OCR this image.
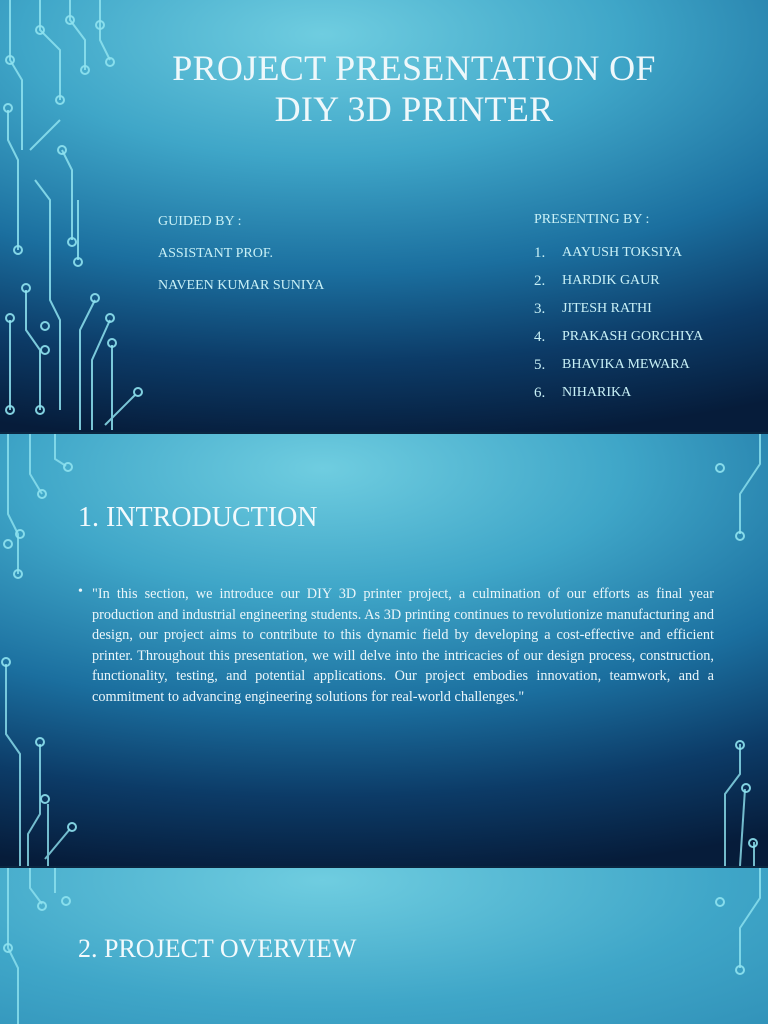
PROJECT PRESENTATION OF
DIY 3D PRINTER
GUIDED BY :
ASSISTANT PROF.
NAVEEN KUMAR SUNIYA
PRESENTING BY :
1.	AAYUSH TOKSIYA
2.	HARDIK GAUR
3.	JITESH RATHI
4.	PRAKASH GORCHIYA
5.	BHAVIKA MEWARA
6.	NIHARIKA
1. INTRODUCTION
• "In this section, we introduce our DIY 3D printer project, a culmination of our efforts as final year production and industrial engineering students. As 3D printing continues to revolutionize manufacturing and design, our project aims to contribute to this dynamic field by developing a cost-effective and efficient printer. Throughout this presentation, we will delve into the intricacies of our design process, construction, functionality, testing, and potential applications. Our project embodies innovation, teamwork, and a commitment to advancing engineering solutions for real-world challenges."
2. PROJECT OVERVIEW
